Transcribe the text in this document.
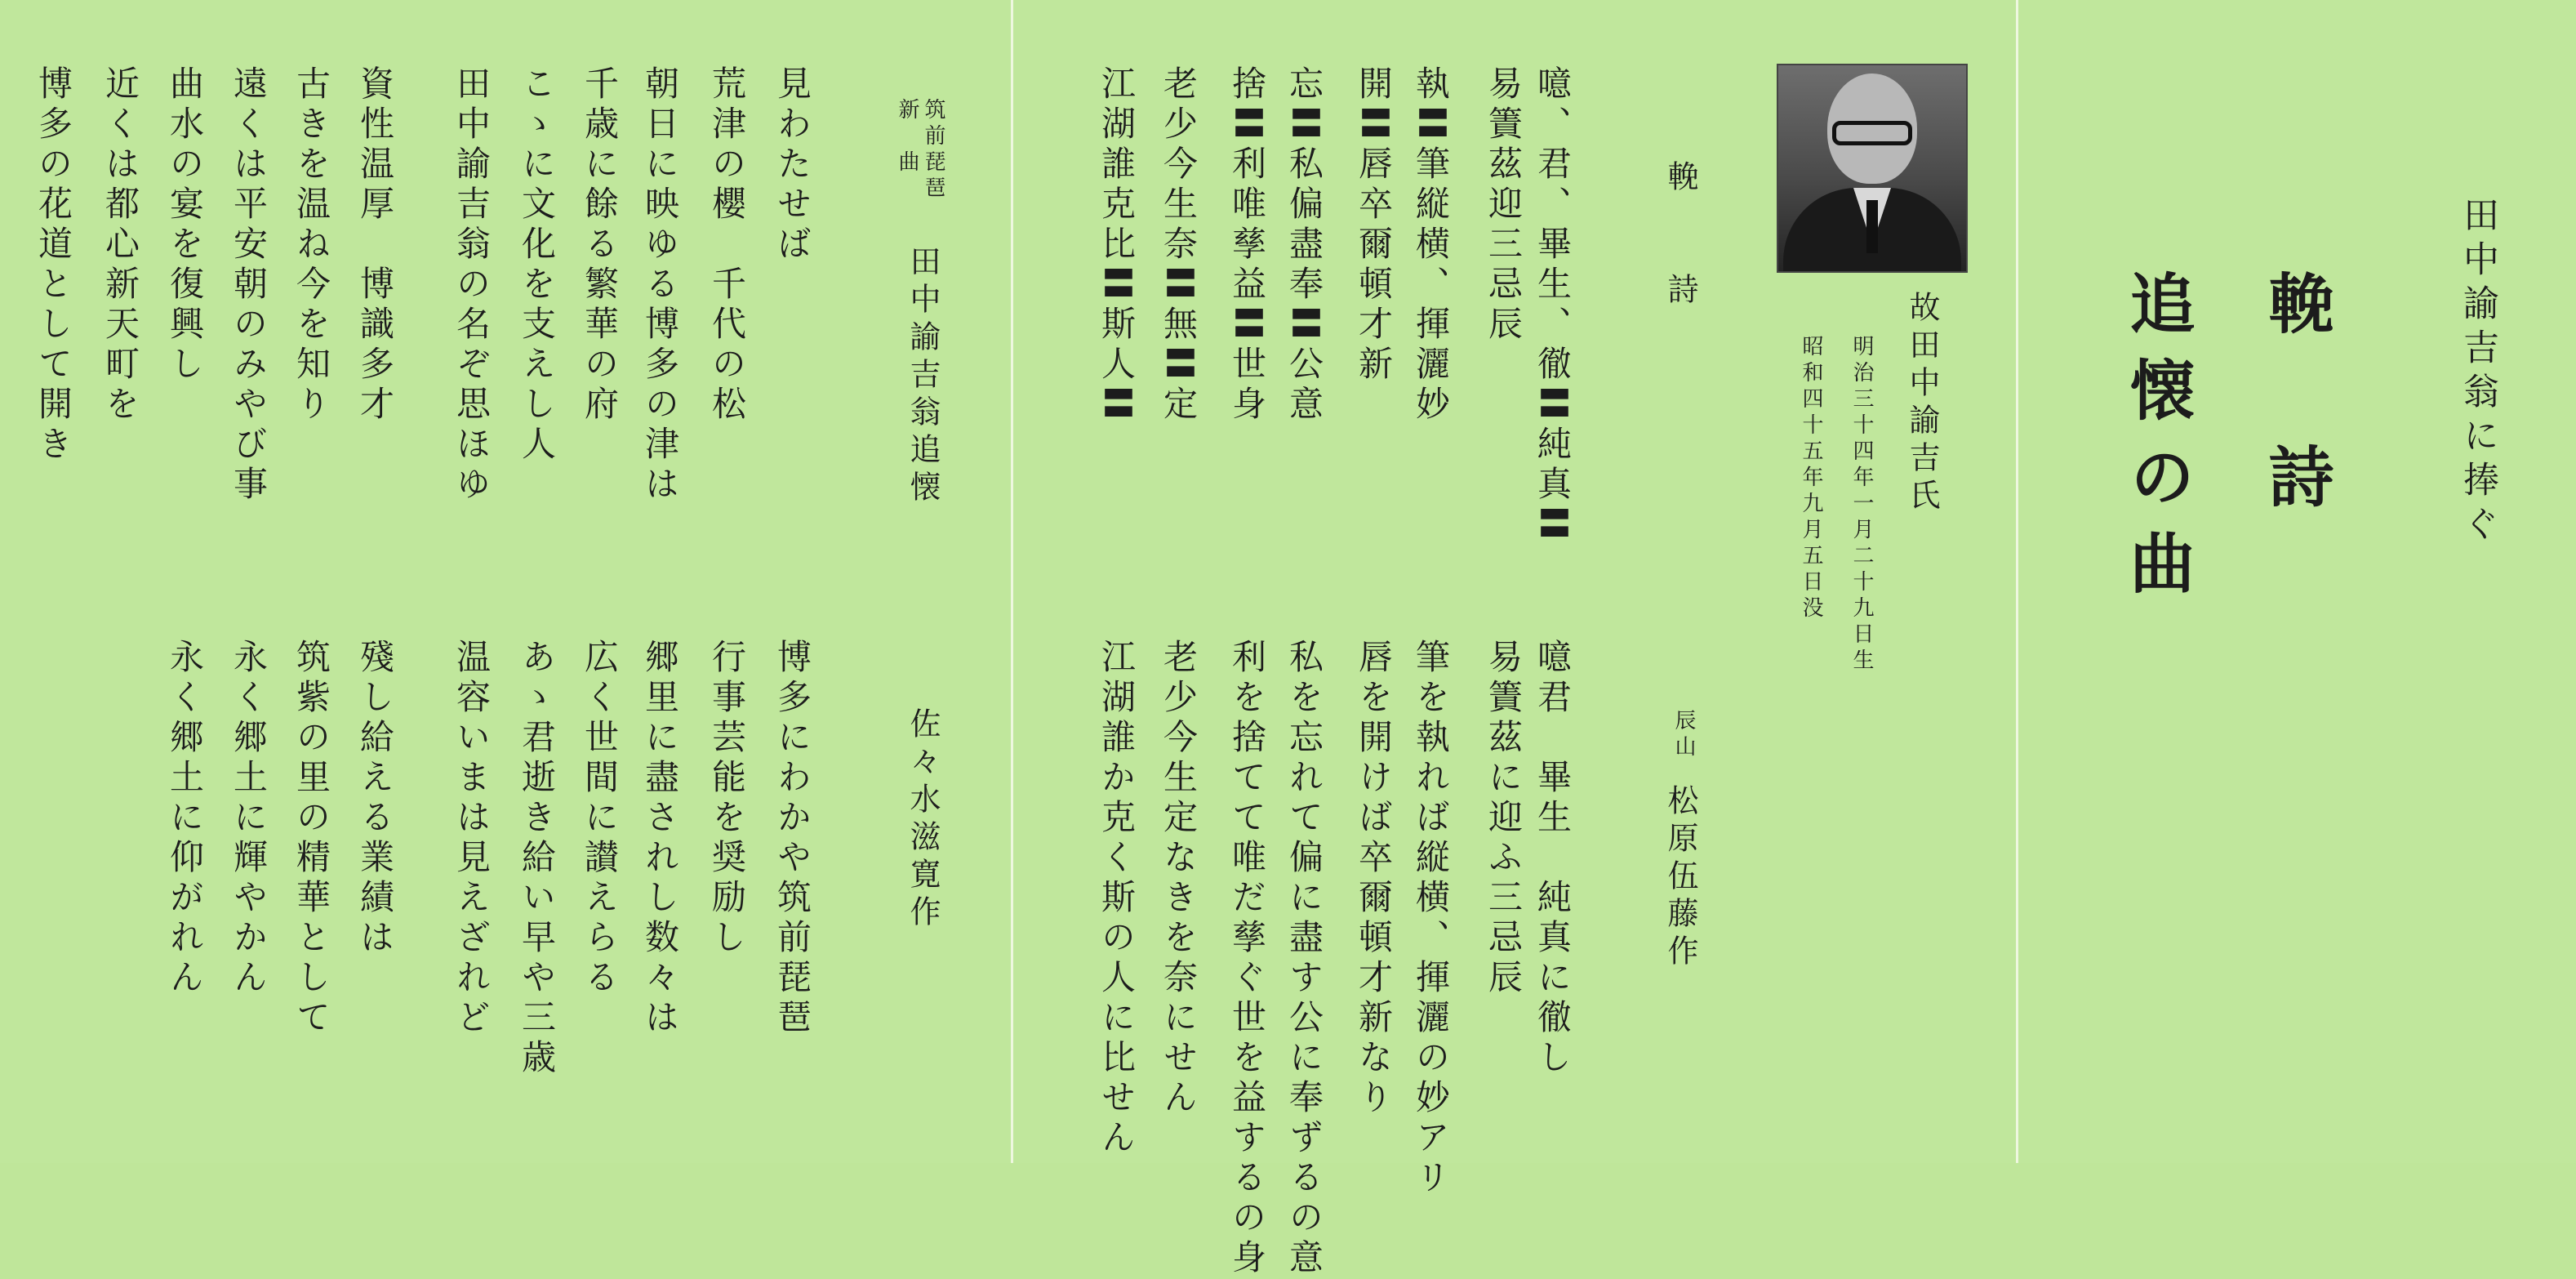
田中諭吉翁に捧ぐ
輓　詩
追懐の曲
故田中諭吉氏
明治三十四年一月二十九日生
昭和四十五年九月五日没
輓　　詩
辰山
松原伍藤作
噫、君、畢生、徹〓純真〓
易簀茲迎三忌辰
執〓筆縦横、揮灑妙
開〓唇卒爾頓才新
忘〓私偏盡奉〓公意
捨〓利唯孳益〓世身
老少今生奈〓無〓定
江湖誰克比〓斯人〓
噫君　畢生　純真に徹し
易簀茲に迎ふ三忌辰
筆を執れば縦横、揮灑の妙アリ
唇を開けば卒爾頓才新なり
私を忘れて偏に盡す公に奉ずるの意
利を捨てて唯だ孳ぐ世を益するの身
老少今生定なきを奈にせん
江湖誰か克く斯の人に比せん
筑前琵琶
新　曲
田中諭吉翁追懐
佐々水滋寛作
見わたせば
荒津の櫻　千代の松
朝日に映ゆる博多の津は
千歳に餘る繁華の府
こゝに文化を支えし人
田中諭吉翁の名ぞ思ほゆ
資性温厚　博識多才
古きを温ね今を知り
遠くは平安朝のみやび事
曲水の宴を復興し
近くは都心新天町を
博多の花道として開き
博多にわかや筑前琵琶
行事芸能を奨励し
郷里に盡されし数々は
広く世間に讃えらる
あゝ君逝き給い早や三歳
温容いまは見えざれど
殘し給える業績は
筑紫の里の精華として
永く郷土に輝やかん
永く郷土に仰がれん
